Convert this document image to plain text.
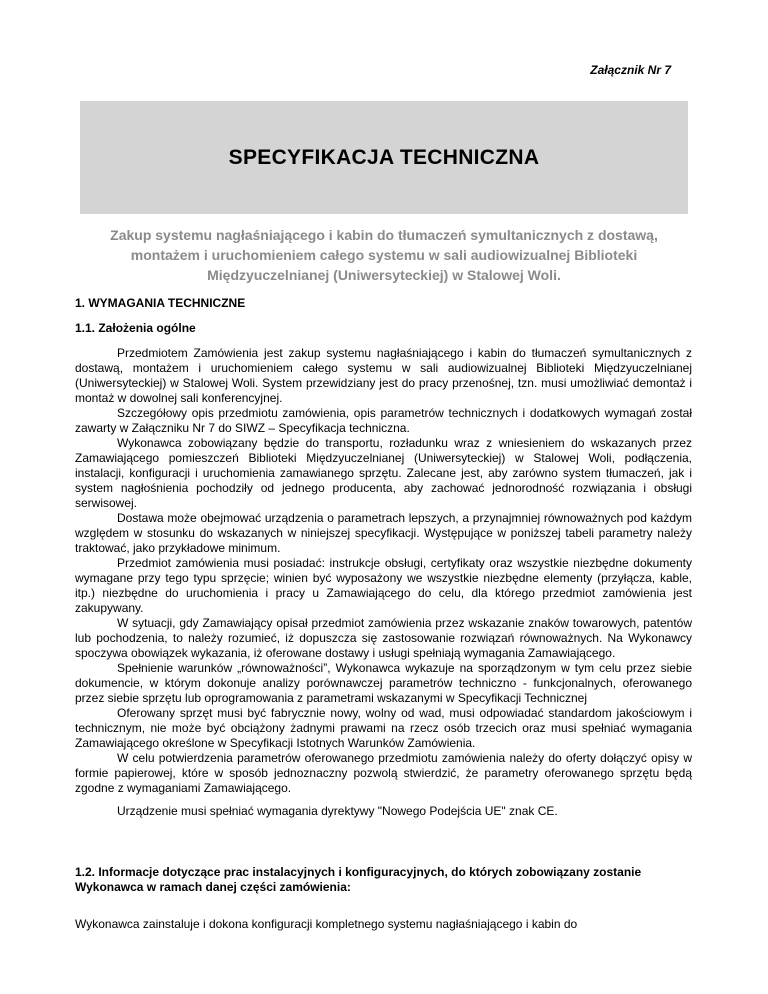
Załącznik Nr 7
SPECYFIKACJA TECHNICZNA
Zakup systemu nagłaśniającego i kabin do tłumaczeń symultanicznych z dostawą, montażem i uruchomieniem całego systemu w sali audiowizualnej Biblioteki Międzyuczelnianej (Uniwersyteckiej) w Stalowej Woli.
1. WYMAGANIA TECHNICZNE
1.1. Założenia ogólne

Przedmiotem Zamówienia jest zakup systemu nagłaśniającego i kabin do tłumaczeń symultanicznych z dostawą, montażem i uruchomieniem całego systemu w sali audiowizualnej Biblioteki Międzyuczelnianej (Uniwersyteckiej) w Stalowej Woli. System przewidziany jest do pracy przenośnej, tzn. musi umożliwiać demontaż i montaż w dowolnej sali konferencyjnej.

Szczegółowy opis przedmiotu zamówienia, opis parametrów technicznych i dodatkowych wymagań został zawarty w Załączniku Nr 7 do SIWZ – Specyfikacja techniczna.

Wykonawca zobowiązany będzie do transportu, rozładunku wraz z wniesieniem do wskazanych przez Zamawiającego pomieszczeń Biblioteki Międzyuczelnianej (Uniwersyteckiej) w Stalowej Woli, podłączenia, instalacji, konfiguracji i uruchomienia zamawianego sprzętu. Zalecane jest, aby zarówno system tłumaczeń, jak i system nagłośnienia pochodziły od jednego producenta, aby zachować jednorodność rozwiązania i obsługi serwisowej.

Dostawa może obejmować urządzenia o parametrach lepszych, a przynajmniej równoważnych pod każdym względem w stosunku do wskazanych w niniejszej specyfikacji. Występujące w poniższej tabeli parametry należy traktować, jako przykładowe minimum.

Przedmiot zamówienia musi posiadać: instrukcje obsługi, certyfikaty oraz wszystkie niezbędne dokumenty wymagane przy tego typu sprzęcie; winien być wyposażony we wszystkie niezbędne elementy (przyłącza, kable, itp.) niezbędne do uruchomienia i pracy u Zamawiającego do celu, dla którego przedmiot zamówienia jest zakupywany.

W sytuacji, gdy Zamawiający opisał przedmiot zamówienia przez wskazanie znaków towarowych, patentów lub pochodzenia, to należy rozumieć, iż dopuszcza się zastosowanie rozwiązań równoważnych. Na Wykonawcy spoczywa obowiązek wykazania, iż oferowane dostawy i usługi spełniają wymagania Zamawiającego.

Spełnienie warunków „równoważności”, Wykonawca wykazuje na sporządzonym w tym celu przez siebie dokumencie, w którym dokonuje analizy porównawczej parametrów techniczno - funkcjonalnych, oferowanego przez siebie sprzętu lub oprogramowania z parametrami wskazanymi w Specyfikacji Technicznej

Oferowany sprzęt musi być fabrycznie nowy, wolny od wad, musi odpowiadać standardom jakościowym i technicznym, nie może być obciążony żadnymi prawami na rzecz osób trzecich oraz musi spełniać wymagania Zamawiającego określone w Specyfikacji Istotnych Warunków Zamówienia.

W celu potwierdzenia parametrów oferowanego przedmiotu zamówienia należy do oferty dołączyć opisy w formie papierowej, które w sposób jednoznaczny pozwolą stwierdzić, że parametry oferowanego sprzętu będą zgodne z wymaganiami Zamawiającego.

Urządzenie musi spełniać wymagania dyrektywy "Nowego Podejścia UE" znak CE.

1.2. Informacje dotyczące prac instalacyjnych i konfiguracyjnych, do których zobowiązany zostanie Wykonawca w ramach danej części zamówienia:
Wykonawca zainstaluje i dokona konfiguracji kompletnego systemu nagłaśniającego i kabin do
